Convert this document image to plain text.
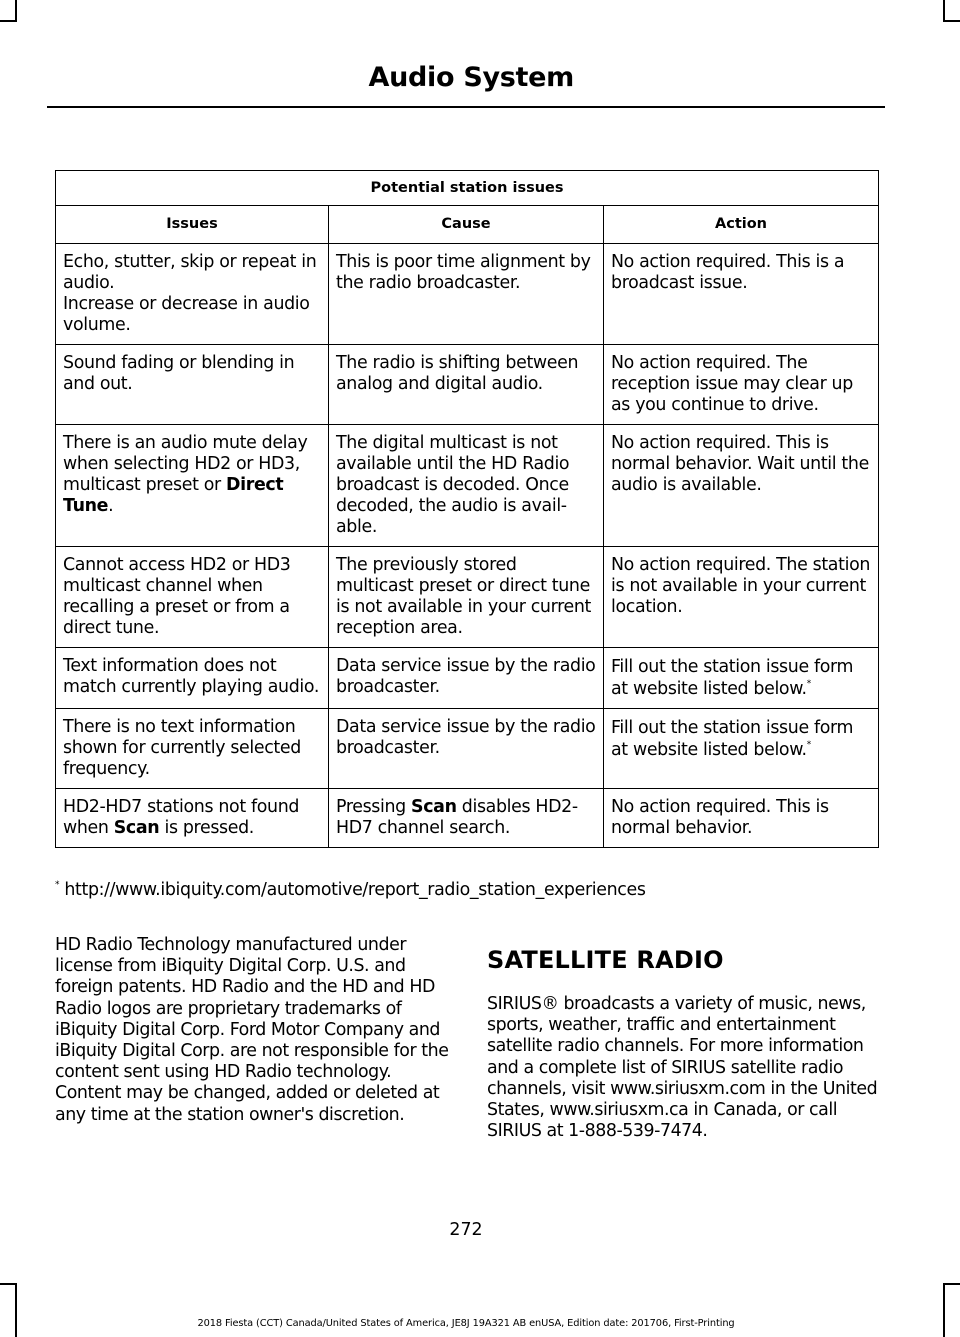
Audio System
Potential station issues		
Issues	Cause	Action

Echo, stutter, skip or repeat in audio.
Increase or decrease in audio volume.	This is poor time alignment by the radio broadcaster.	No action required. This is a broadcast issue.
Sound fading or blending in and out.	The radio is shifting between analog and digital audio.	No action required. The reception issue may clear up as you continue to drive.
There is an audio mute delay when selecting HD2 or HD3, multicast preset or Direct Tune.	The digital multicast is not available until the HD Radio broadcast is decoded. Once decoded, the audio is avail-able.	No action required. This is normal behavior. Wait until the audio is available.
Cannot access HD2 or HD3 multicast channel when recalling a preset or from a direct tune.	The previously stored multicast preset or direct tune is not available in your current reception area.	No action required. The station is not available in your current location.
Text information does not match currently playing audio.	Data service issue by the radio broadcaster.	Fill out the station issue form at website listed below.*
There is no text information shown for currently selected frequency.	Data service issue by the radio broadcaster.	Fill out the station issue form at website listed below.*
HD2-HD7 stations not found when Scan is pressed.	Pressing Scan disables HD2-HD7 channel search.	No action required. This is normal behavior.
* http://www.ibiquity.com/automotive/report_radio_station_experiences
HD Radio Technology manufactured under license from iBiquity Digital Corp. U.S. and foreign patents. HD Radio and the HD and HD Radio logos are proprietary trademarks of iBiquity Digital Corp. Ford Motor Company and iBiquity Digital Corp. are not responsible for the content sent using HD Radio technology. Content may be changed, added or deleted at any time at the station owner's discretion.
SATELLITE RADIO
SIRIUS® broadcasts a variety of music, news, sports, weather, traffic and entertainment satellite radio channels. For more information and a complete list of SIRIUS satellite radio channels, visit www.siriusxm.com in the United States, www.siriusxm.ca in Canada, or call SIRIUS at 1-888-539-7474.
272
2018 Fiesta (CCT) Canada/United States of America, JE8J 19A321 AB enUSA, Edition date: 201706, First-Printing
